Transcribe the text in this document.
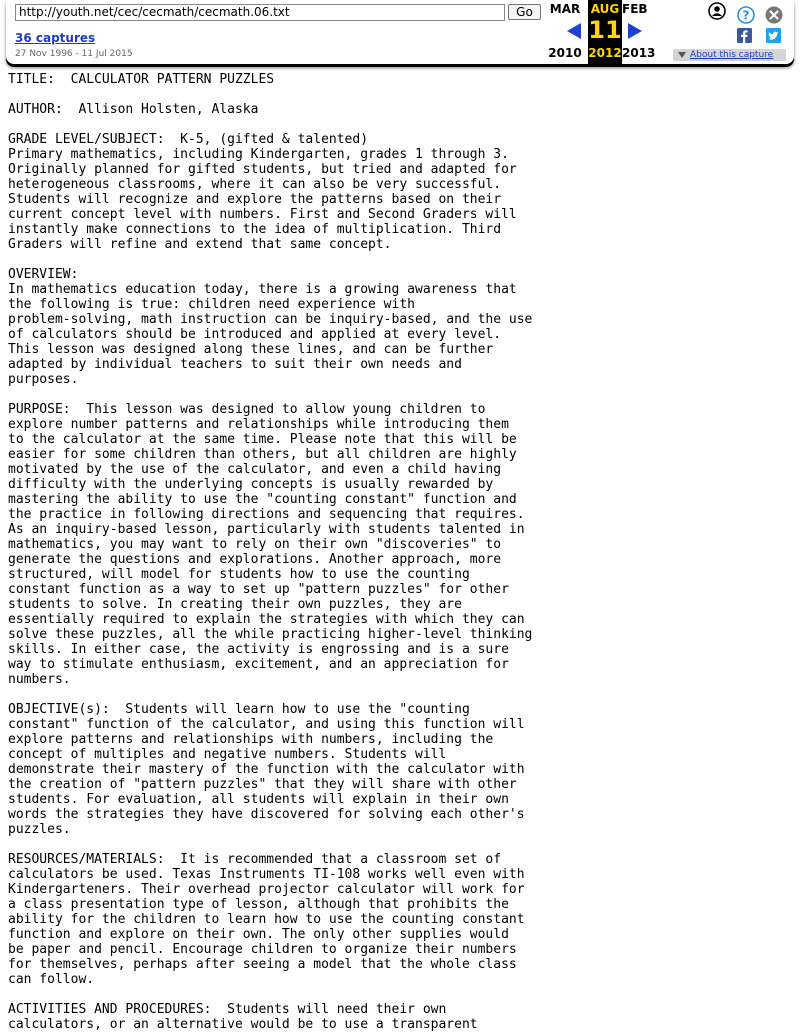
http://youth.net/cec/cecmath/cecmath.06.txt
Go
36 captures
27 Nov 1996 - 11 Jul 2015
MAR
2010
AUG
11
2012
FEB
2013
?
About this capture
TITLE:  CALCULATOR PATTERN PUZZLES

AUTHOR:  Allison Holsten, Alaska

GRADE LEVEL/SUBJECT:  K-5, (gifted & talented)
Primary mathematics, including Kindergarten, grades 1 through 3.
Originally planned for gifted students, but tried and adapted for
heterogeneous classrooms, where it can also be very successful.
Students will recognize and explore the patterns based on their
current concept level with numbers. First and Second Graders will
instantly make connections to the idea of multiplication. Third
Graders will refine and extend that same concept.

OVERVIEW:
In mathematics education today, there is a growing awareness that
the following is true: children need experience with
problem-solving, math instruction can be inquiry-based, and the use
of calculators should be introduced and applied at every level.
This lesson was designed along these lines, and can be further
adapted by individual teachers to suit their own needs and
purposes.

PURPOSE:  This lesson was designed to allow young children to
explore number patterns and relationships while introducing them
to the calculator at the same time. Please note that this will be
easier for some children than others, but all children are highly
motivated by the use of the calculator, and even a child having
difficulty with the underlying concepts is usually rewarded by
mastering the ability to use the "counting constant" function and
the practice in following directions and sequencing that requires.
As an inquiry-based lesson, particularly with students talented in
mathematics, you may want to rely on their own "discoveries" to
generate the questions and explorations. Another approach, more
structured, will model for students how to use the counting
constant function as a way to set up "pattern puzzles" for other
students to solve. In creating their own puzzles, they are
essentially required to explain the strategies with which they can
solve these puzzles, all the while practicing higher-level thinking
skills. In either case, the activity is engrossing and is a sure
way to stimulate enthusiasm, excitement, and an appreciation for
numbers.

OBJECTIVE(s):  Students will learn how to use the "counting
constant" function of the calculator, and using this function will
explore patterns and relationships with numbers, including the
concept of multiples and negative numbers. Students will
demonstrate their mastery of the function with the calculator with
the creation of "pattern puzzles" that they will share with other
students. For evaluation, all students will explain in their own
words the strategies they have discovered for solving each other's
puzzles.

RESOURCES/MATERIALS:  It is recommended that a classroom set of
calculators be used. Texas Instruments TI-108 works well even with
Kindergarteners. Their overhead projector calculator will work for
a class presentation type of lesson, although that prohibits the
ability for the children to learn how to use the counting constant
function and explore on their own. The only other supplies would
be paper and pencil. Encourage children to organize their numbers
for themselves, perhaps after seeing a model that the whole class
can follow.

ACTIVITIES AND PROCEDURES:  Students will need their own
calculators, or an alternative would be to use a transparent
